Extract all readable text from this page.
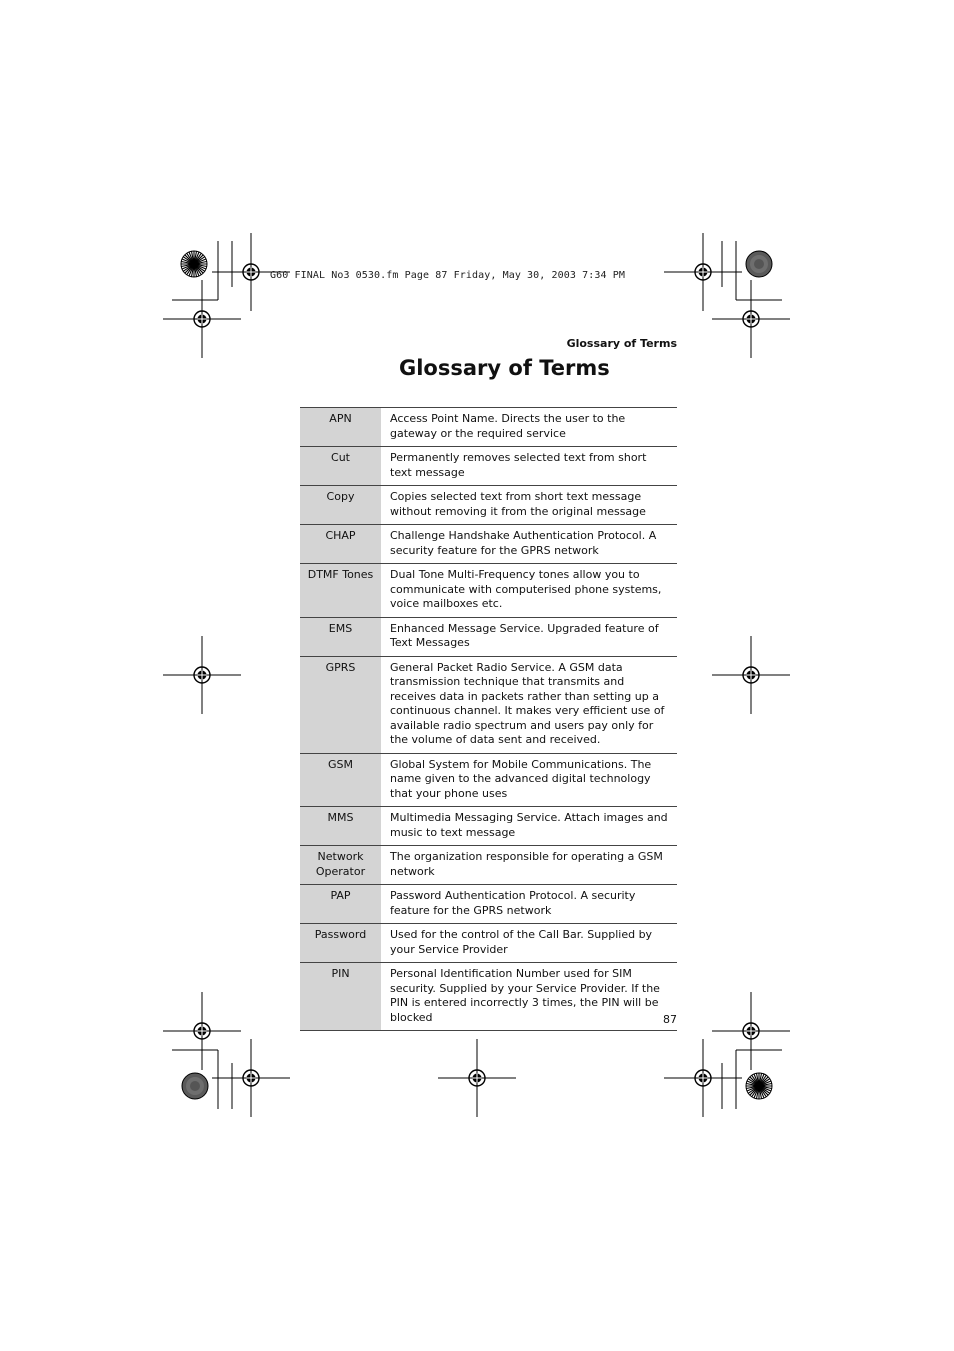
G60 FINAL No3 0530.fm Page 87 Friday, May 30, 2003 7:34 PM
Glossary of Terms
Glossary of Terms
APN	Access Point Name. Directs the user to the gateway or the required service
Cut	Permanently removes selected text from short text message
Copy	Copies selected text from short text message without removing it from the original message
CHAP	Challenge Handshake Authentication Protocol. A security feature for the GPRS network
DTMF Tones	Dual Tone Multi-Frequency tones allow you to communicate with computerised phone systems, voice mailboxes etc.
EMS	Enhanced Message Service. Upgraded feature of Text Messages
GPRS	General Packet Radio Service. A GSM data transmission technique that transmits and receives data in packets rather than setting up a continuous channel. It makes very efficient use of available radio spectrum and users pay only for the volume of data sent and received.
GSM	Global System for Mobile Communications. The name given to the advanced digital technology that your phone uses
MMS	Multimedia Messaging Service. Attach images and music to text message
Network Operator	The organization responsible for operating a GSM network
PAP	Password Authentication Protocol. A security feature for the GPRS network
Password	Used for the control of the Call Bar. Supplied by your Service Provider
PIN	Personal Identification Number used for SIM security. Supplied by your Service Provider. If the PIN is entered incorrectly 3 times, the PIN will be blocked	87
